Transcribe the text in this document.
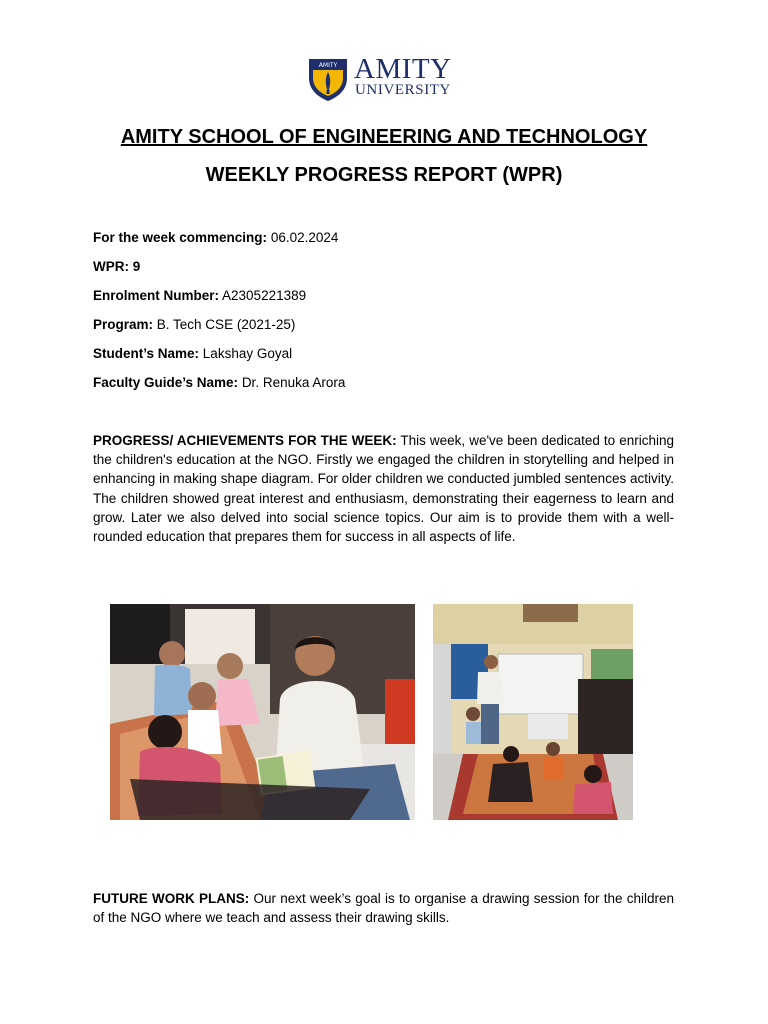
AMITY AMITY
UNIVERSITY
AMITY SCHOOL OF ENGINEERING AND TECHNOLOGY
WEEKLY PROGRESS REPORT (WPR)
For the week commencing: 06.02.2024
WPR: 9
Enrolment Number: A2305221389
Program: B. Tech CSE (2021-25)
Student’s Name: Lakshay Goyal
Faculty Guide’s Name: Dr. Renuka Arora
PROGRESS/ ACHIEVEMENTS FOR THE WEEK: This week, we've been dedicated to enriching the children's education at the NGO. Firstly we engaged the children in storytelling and helped in enhancing in making shape diagram. For older children we conducted jumbled sentences activity. The children showed great interest and enthusiasm, demonstrating their eagerness to learn and grow. Later we also delved into social science topics. Our aim is to provide them with a well-rounded education that prepares them for success in all aspects of life.
FUTURE WORK PLANS: Our next week’s goal is to organise a drawing session for the children of the NGO where we teach and assess their drawing skills.
